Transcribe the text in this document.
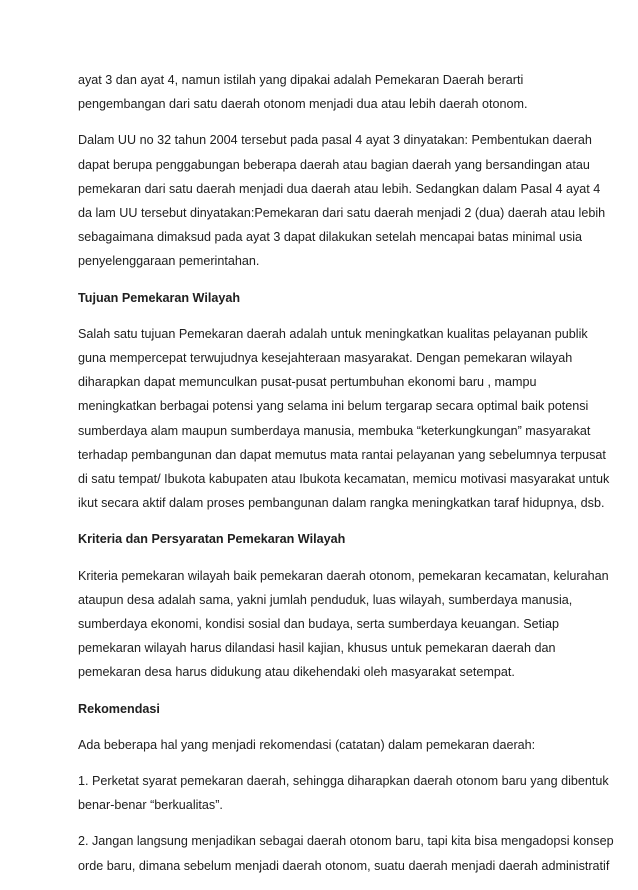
ayat 3 dan ayat 4, namun istilah yang dipakai adalah Pemekaran Daerah berarti
pengembangan dari satu daerah otonom menjadi dua atau lebih daerah otonom.

Dalam UU no 32 tahun 2004 tersebut pada pasal 4 ayat 3 dinyatakan: Pembentukan daerah
dapat berupa penggabungan beberapa daerah atau bagian daerah yang bersandingan atau
pemekaran dari satu daerah menjadi dua daerah atau lebih. Sedangkan dalam Pasal 4 ayat 4
da lam UU tersebut dinyatakan:Pemekaran dari satu daerah menjadi 2 (dua) daerah atau lebih
sebagaimana dimaksud pada ayat 3 dapat dilakukan setelah mencapai batas minimal usia
penyelenggaraan pemerintahan.

Tujuan Pemekaran Wilayah

Salah satu tujuan Pemekaran daerah adalah untuk meningkatkan kualitas pelayanan publik
guna mempercepat terwujudnya kesejahteraan masyarakat. Dengan pemekaran wilayah
diharapkan dapat memunculkan pusat-pusat pertumbuhan ekonomi baru , mampu
meningkatkan berbagai potensi yang selama ini belum tergarap secara optimal baik potensi
sumberdaya alam maupun sumberdaya manusia, membuka “keterkungkungan” masyarakat
terhadap pembangunan dan dapat memutus mata rantai pelayanan yang sebelumnya terpusat
di satu tempat/ Ibukota kabupaten atau Ibukota kecamatan, memicu motivasi masyarakat untuk
ikut secara aktif dalam proses pembangunan dalam rangka meningkatkan taraf hidupnya, dsb.

Kriteria dan Persyaratan Pemekaran Wilayah

Kriteria pemekaran wilayah baik pemekaran daerah otonom, pemekaran kecamatan, kelurahan
ataupun desa adalah sama, yakni jumlah penduduk, luas wilayah, sumberdaya manusia,
sumberdaya ekonomi, kondisi sosial dan budaya, serta sumberdaya keuangan. Setiap
pemekaran wilayah harus dilandasi hasil kajian, khusus untuk pemekaran daerah dan
pemekaran desa harus didukung atau dikehendaki oleh masyarakat setempat.

Rekomendasi

Ada beberapa hal yang menjadi rekomendasi (catatan) dalam pemekaran daerah:

1. Perketat syarat pemekaran daerah, sehingga diharapkan daerah otonom baru yang dibentuk
benar-benar “berkualitas”.

2. Jangan langsung menjadikan sebagai daerah otonom baru, tapi kita bisa mengadopsi konsep
orde baru, dimana sebelum menjadi daerah otonom, suatu daerah menjadi daerah administratif
